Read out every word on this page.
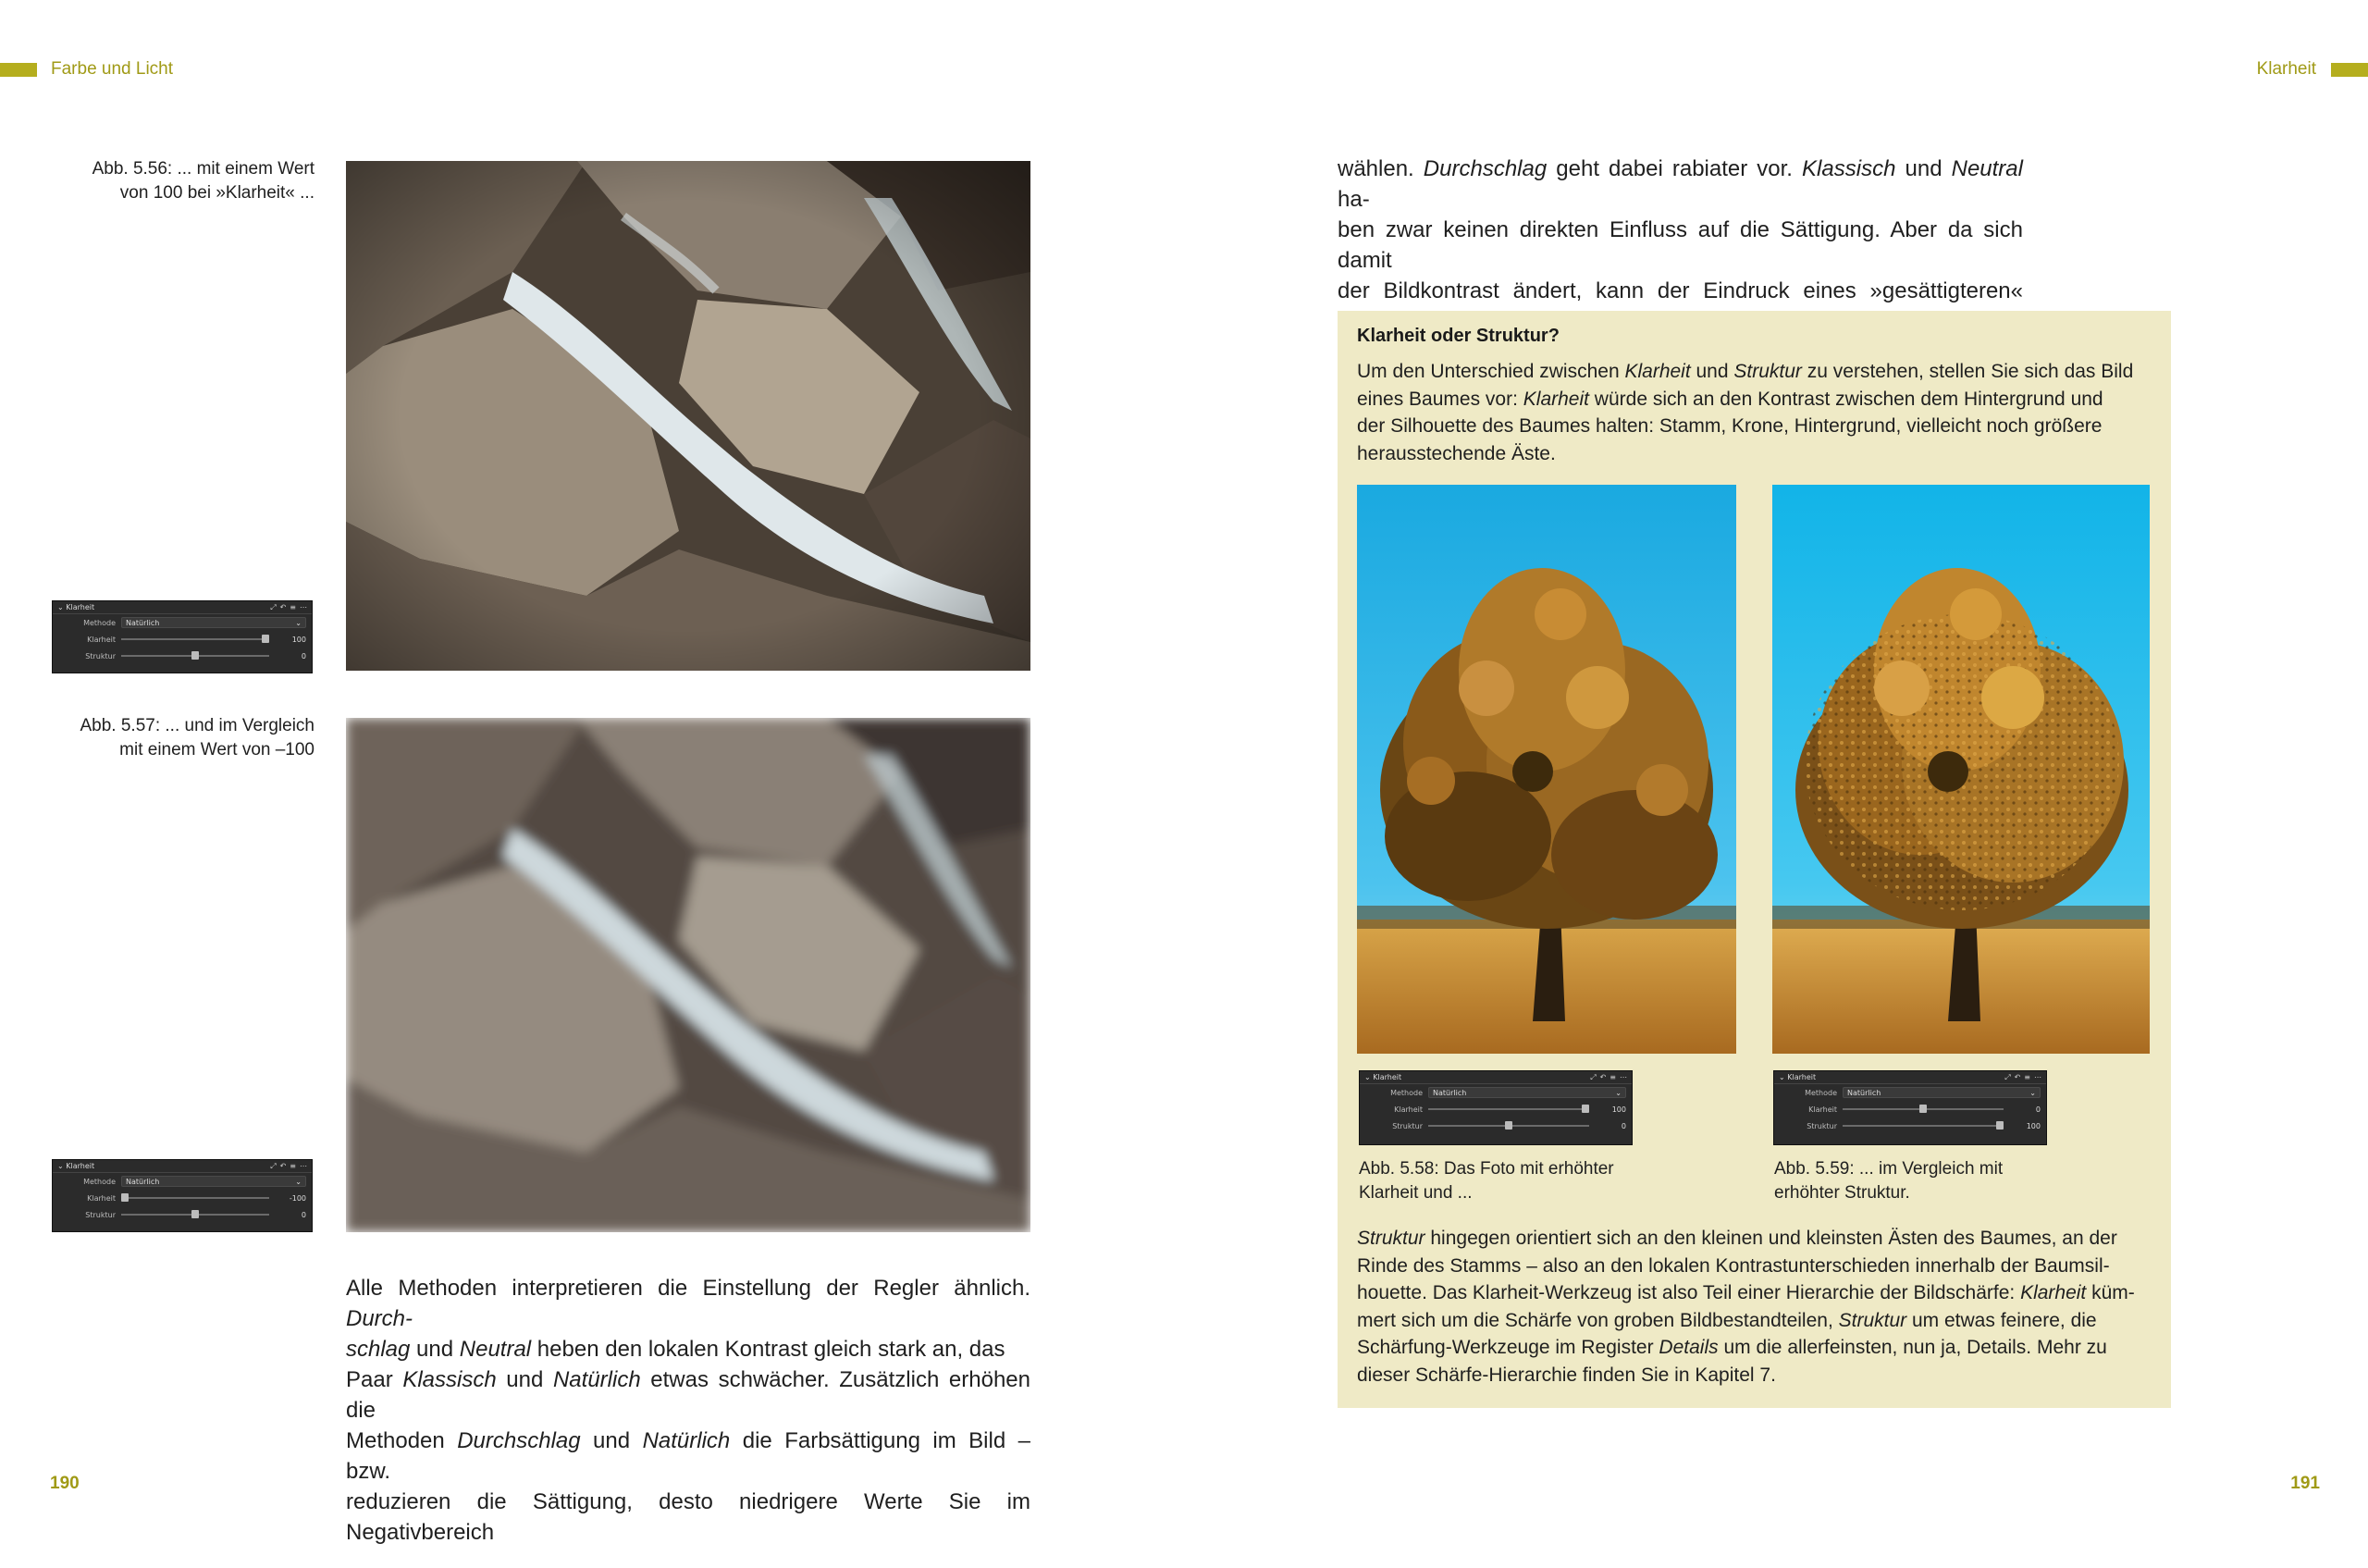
Farbe und Licht	Klarheit
Abb. 5.56: ... mit einem Wert
von 100 bei »Klarheit« ...
⌄ Klarheit	⤢ ↶ ≡ ⋯
Methode	Natürlich	⌄
Klarheit	100
Struktur	0
Abb. 5.57: ... und im Vergleich
mit einem Wert von –100
⌄ Klarheit	⤢ ↶ ≡ ⋯
Methode	Natürlich	⌄
Klarheit	-100
Struktur	0
Alle Methoden interpretieren die Einstellung der Regler ähnlich. Durch-
schlag und Neutral heben den lokalen Kontrast gleich stark an, das
Paar Klassisch und Natürlich etwas schwächer. Zusätzlich erhöhen die
Methoden Durchschlag und Natürlich die Farbsättigung im Bild – bzw.
reduzieren die Sättigung, desto niedrigere Werte Sie im Negativbereich
190
wählen. Durchschlag geht dabei rabiater vor. Klassisch und Neutral ha-
ben zwar keinen direkten Einfluss auf die Sättigung. Aber da sich damit
der Bildkontrast ändert, kann der Eindruck eines »gesättigteren«
Klarheit oder Struktur?
Um den Unterschied zwischen Klarheit und Struktur zu verstehen, stellen Sie sich das Bild
eines Baumes vor: Klarheit würde sich an den Kontrast zwischen dem Hintergrund und
der Silhouette des Baumes halten: Stamm, Krone, Hintergrund, vielleicht noch größere
herausstechende Äste.
⌄ Klarheit	⤢ ↶ ≡ ⋯
Methode	Natürlich	⌄
Klarheit	100
Struktur	0
⌄ Klarheit	⤢ ↶ ≡ ⋯
Methode	Natürlich	⌄
Klarheit	0
Struktur	100
Abb. 5.58: Das Foto mit erhöhter
Klarheit und ...
Abb. 5.59: ... im Vergleich mit
erhöhter Struktur.
Struktur hingegen orientiert sich an den kleinen und kleinsten Ästen des Baumes, an der
Rinde des Stamms – also an den lokalen Kontrastunterschieden innerhalb der Baumsil-
houette. Das Klarheit-Werkzeug ist also Teil einer Hierarchie der Bildschärfe: Klarheit küm-
mert sich um die Schärfe von groben Bildbestandteilen, Struktur um etwas feinere, die
Schärfung-Werkzeuge im Register Details um die allerfeinsten, nun ja, Details. Mehr zu
dieser Schärfe-Hierarchie finden Sie in Kapitel 7.
191
